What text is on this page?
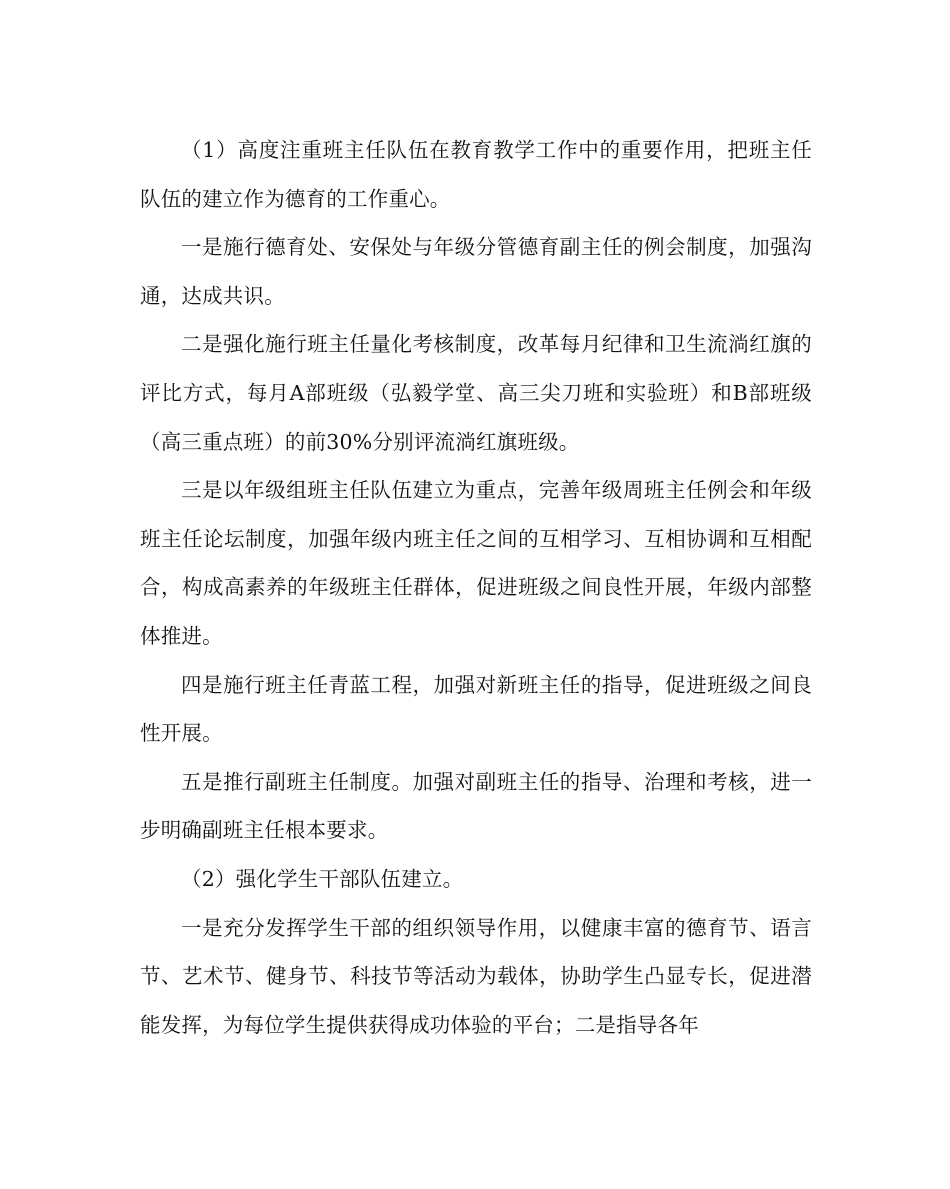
（1）高度注重班主任队伍在教育教学工作中的重要作用，把班主任队伍的建立作为德育的工作重心。

一是施行德育处、安保处与年级分管德育副主任的例会制度，加强沟通，达成共识。

二是强化施行班主任量化考核制度，改革每月纪律和卫生流淌红旗的评比方式，每月A部班级（弘毅学堂、高三尖刀班和实验班）和B部班级（高三重点班）的前30%分别评流淌红旗班级。

三是以年级组班主任队伍建立为重点，完善年级周班主任例会和年级班主任论坛制度，加强年级内班主任之间的互相学习、互相协调和互相配合，构成高素养的年级班主任群体，促进班级之间良性开展，年级内部整体推进。

四是施行班主任青蓝工程，加强对新班主任的指导，促进班级之间良性开展。

五是推行副班主任制度。加强对副班主任的指导、治理和考核，进一步明确副班主任根本要求。

（2）强化学生干部队伍建立。

一是充分发挥学生干部的组织领导作用，以健康丰富的德育节、语言节、艺术节、健身节、科技节等活动为载体，协助学生凸显专长，促进潜能发挥，为每位学生提供获得成功体验的平台；二是指导各年
